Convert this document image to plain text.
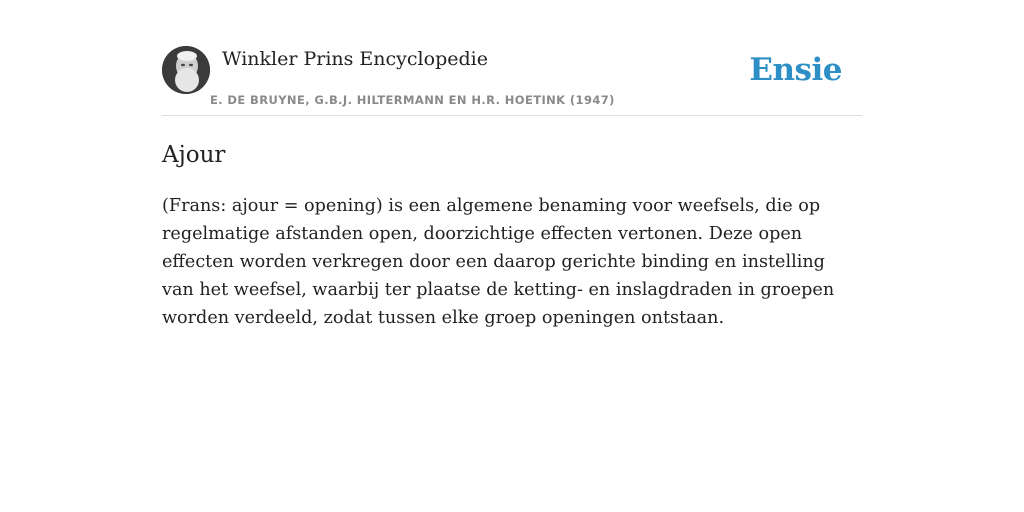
Winkler Prins Encyclopedie
E. DE BRUYNE, G.B.J. HILTERMANN EN H.R. HOETINK (1947)
Ensie
Ajour

(Frans: ajour = opening) is een algemene benaming voor weefsels, die op regelmatige afstanden open, doorzichtige effecten vertonen. Deze open effecten worden verkregen door een daarop gerichte binding en instelling van het weefsel, waarbij ter plaatse de ketting- en inslagdraden in groepen worden verdeeld, zodat tussen elke groep openingen ontstaan.
